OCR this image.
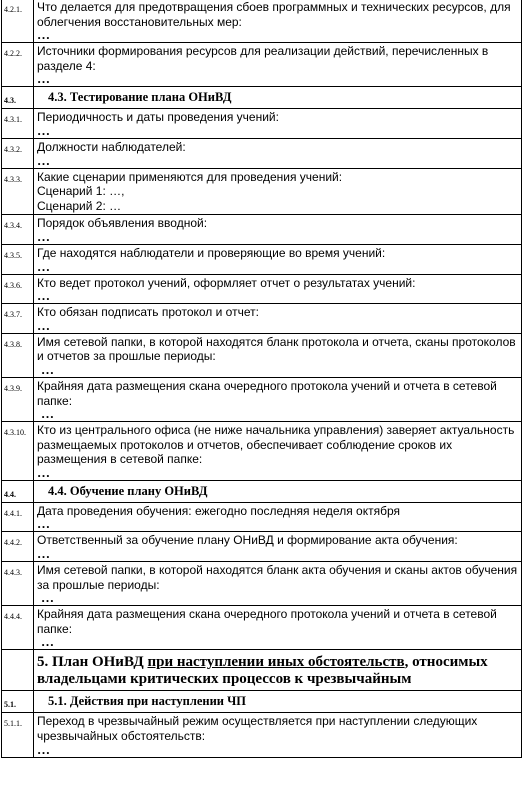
4.2.1.	Что делается для предотвращения сбоев программных и технических ресурсов, для облегчения восстановительных мер:
…

4.2.2.	Источники формирования ресурсов для реализации действий, перечисленных в разделе 4:
…

4.3.	4.3. Тестирование плана ОНиВД
4.3.1.	Периодичность и даты проведения учений:
…

4.3.2.	Должности наблюдателей:
…

4.3.3.	Какие сценарии применяются для проведения учений:
Сценарий 1: …,
Сценарий 2: …

4.3.4.	Порядок объявления вводной:
…

4.3.5.	Где находятся наблюдатели и проверяющие во время учений:
…

4.3.6.	Кто ведет протокол учений, оформляет отчет о результатах учений:
…

4.3.7.	Кто обязан подписать протокол и отчет:
…

4.3.8.	Имя сетевой папки, в которой находятся бланк протокола и отчета, сканы протоколов и отчетов за прошлые периоды:
…

4.3.9.	Крайняя дата размещения скана очередного протокола учений и отчета в сетевой папке:
…

4.3.10.	Кто из центрального офиса (не ниже начальника управления) заверяет актуальность размещаемых протоколов и отчетов, обеспечивает соблюдение сроков их размещения в сетевой папке:
…

4.4.	4.4. Обучение плану ОНиВД
4.4.1.	Дата проведения обучения: ежегодно последняя неделя октября
…

4.4.2.	Ответственный за обучение плану ОНиВД и формирование акта обучения:
…

4.4.3.	Имя сетевой папки, в которой находятся бланк акта обучения и сканы актов обучения за прошлые периоды:
…

4.4.4.	Крайняя дата размещения скана очередного протокола учений и отчета в сетевой папке:
…

	5. План ОНиВД при наступлении иных обстоятельств, относимых владельцами критических процессов к чрезвычайным
5.1.	5.1. Действия при наступлении ЧП
5.1.1.	Переход в чрезвычайный режим осуществляется при наступлении следующих чрезвычайных обстоятельств:
…
